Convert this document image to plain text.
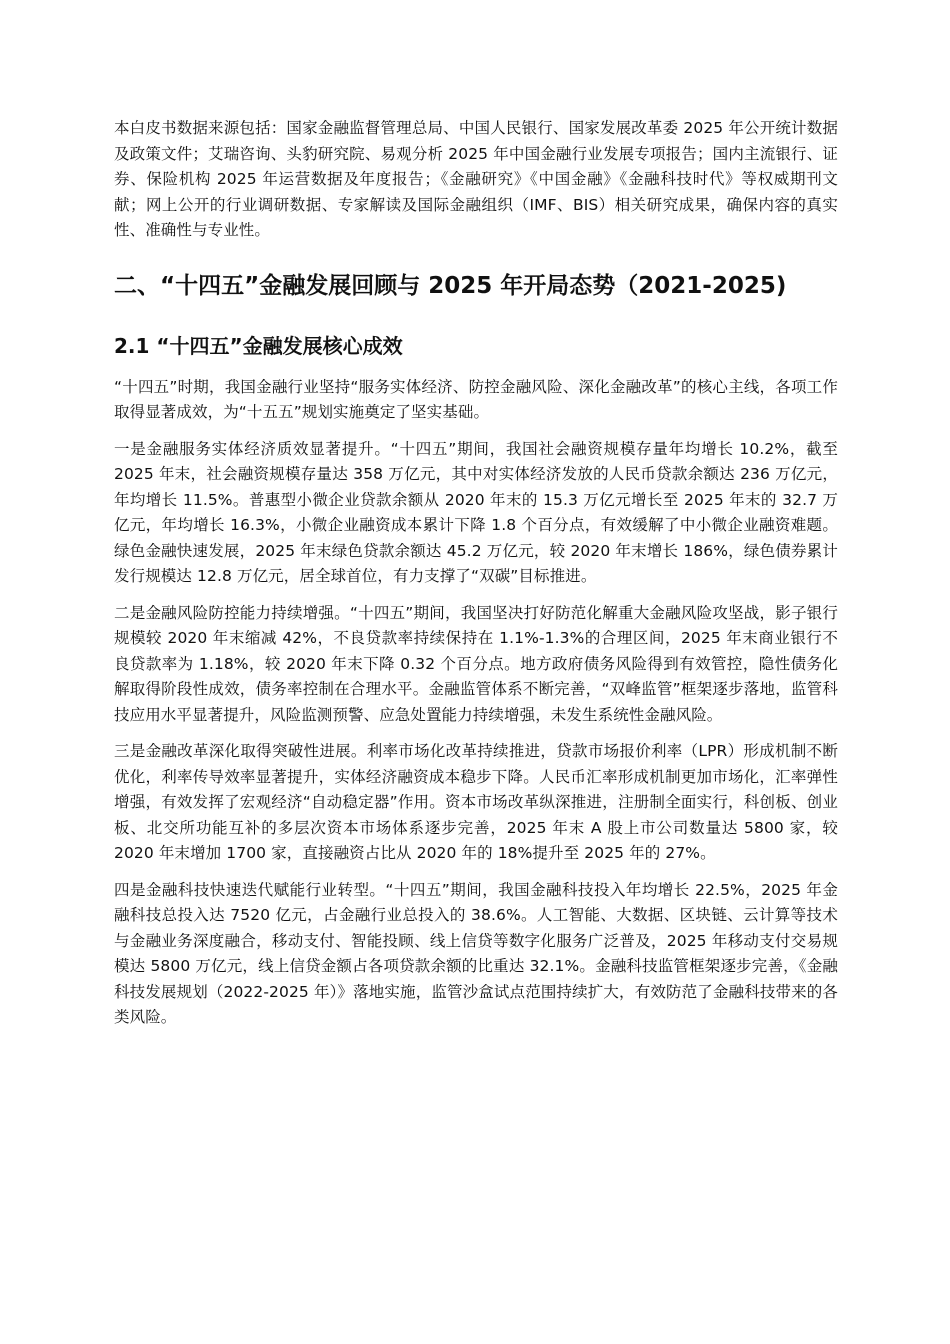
本白皮书数据来源包括：国家金融监督管理总局、中国人民银行、国家发展改革委 2025 年公开统计数据及政策文件；艾瑞咨询、头豹研究院、易观分析 2025 年中国金融行业发展专项报告；国内主流银行、证券、保险机构 2025 年运营数据及年度报告；《金融研究》《中国金融》《金融科技时代》等权威期刊文献；网上公开的行业调研数据、专家解读及国际金融组织（IMF、BIS）相关研究成果，确保内容的真实性、准确性与专业性。

二、“十四五”金融发展回顾与 2025 年开局态势（2021-2025)
2.1 “十四五”金融发展核心成效

“十四五”时期，我国金融行业坚持“服务实体经济、防控金融风险、深化金融改革”的核心主线，各项工作取得显著成效，为“十五五”规划实施奠定了坚实基础。

一是金融服务实体经济质效显著提升。“十四五”期间，我国社会融资规模存量年均增长 10.2%，截至 2025 年末，社会融资规模存量达 358 万亿元，其中对实体经济发放的人民币贷款余额达 236 万亿元，年均增长 11.5%。普惠型小微企业贷款余额从 2020 年末的 15.3 万亿元增长至 2025 年末的 32.7 万亿元，年均增长 16.3%，小微企业融资成本累计下降 1.8 个百分点，有效缓解了中小微企业融资难题。绿色金融快速发展，2025 年末绿色贷款余额达 45.2 万亿元，较 2020 年末增长 186%，绿色债券累计发行规模达 12.8 万亿元，居全球首位，有力支撑了“双碳”目标推进。

二是金融风险防控能力持续增强。“十四五”期间，我国坚决打好防范化解重大金融风险攻坚战，影子银行规模较 2020 年末缩减 42%，不良贷款率持续保持在 1.1%-1.3%的合理区间，2025 年末商业银行不良贷款率为 1.18%，较 2020 年末下降 0.32 个百分点。地方政府债务风险得到有效管控，隐性债务化解取得阶段性成效，债务率控制在合理水平。金融监管体系不断完善，“双峰监管”框架逐步落地，监管科技应用水平显著提升，风险监测预警、应急处置能力持续增强，未发生系统性金融风险。

三是金融改革深化取得突破性进展。利率市场化改革持续推进，贷款市场报价利率（LPR）形成机制不断优化，利率传导效率显著提升，实体经济融资成本稳步下降。人民币汇率形成机制更加市场化，汇率弹性增强，有效发挥了宏观经济“自动稳定器”作用。资本市场改革纵深推进，注册制全面实行，科创板、创业板、北交所功能互补的多层次资本市场体系逐步完善，2025 年末 A 股上市公司数量达 5800 家，较 2020 年末增加 1700 家，直接融资占比从 2020 年的 18%提升至 2025 年的 27%。

四是金融科技快速迭代赋能行业转型。“十四五”期间，我国金融科技投入年均增长 22.5%，2025 年金融科技总投入达 7520 亿元，占金融行业总投入的 38.6%。人工智能、大数据、区块链、云计算等技术与金融业务深度融合，移动支付、智能投顾、线上信贷等数字化服务广泛普及，2025 年移动支付交易规模达 5800 万亿元，线上信贷金额占各项贷款余额的比重达 32.1%。金融科技监管框架逐步完善，《金融科技发展规划（2022-2025 年）》落地实施，监管沙盒试点范围持续扩大，有效防范了金融科技带来的各类风险。
